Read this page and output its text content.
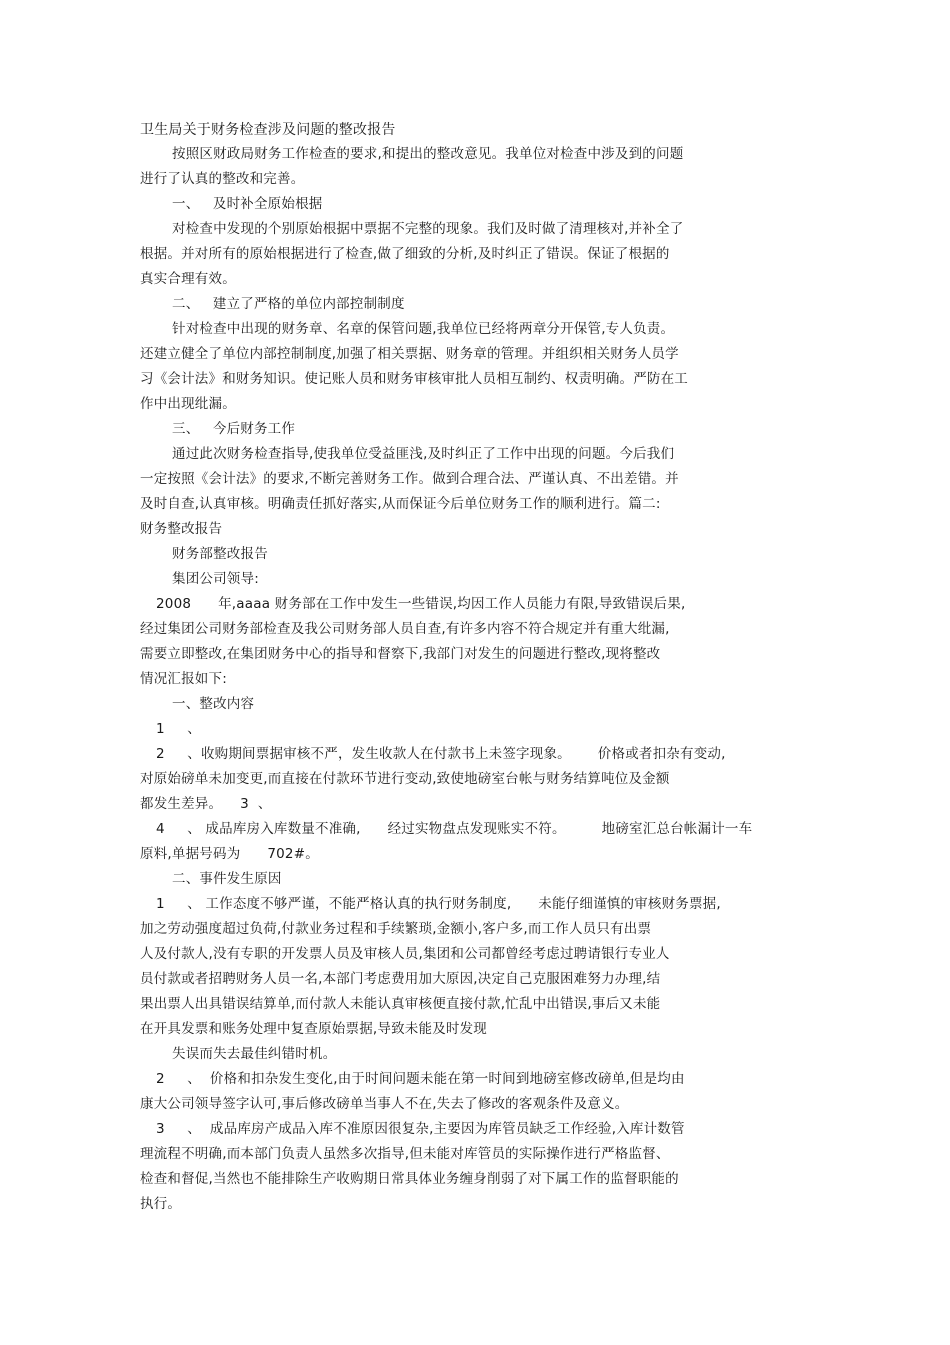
卫生局关于财务检查涉及问题的整改报告
按照区财政局财务工作检查的要求,和提出的整改意见。我单位对检查中涉及到的问题
进行了认真的整改和完善。
一、   及时补全原始根据
对检查中发现的个别原始根据中票据不完整的现象。我们及时做了清理核对,并补全了
根据。并对所有的原始根据进行了检查,做了细致的分析,及时纠正了错误。保证了根据的
真实合理有效。
二、   建立了严格的单位内部控制制度
针对检查中出现的财务章、名章的保管问题,我单位已经将两章分开保管,专人负责。
还建立健全了单位内部控制制度,加强了相关票据、财务章的管理。并组织相关财务人员学
习《会计法》和财务知识。使记账人员和财务审核审批人员相互制约、权责明确。严防在工
作中出现纰漏。
三、   今后财务工作
通过此次财务检查指导,使我单位受益匪浅,及时纠正了工作中出现的问题。今后我们
一定按照《会计法》的要求,不断完善财务工作。做到合理合法、严谨认真、不出差错。并
及时自查,认真审核。明确责任抓好落实,从而保证今后单位财务工作的顺利进行。篇二:
财务整改报告
财务部整改报告
集团公司领导:
2008      年,aaaa 财务部在工作中发生一些错误,均因工作人员能力有限,导致错误后果,
经过集团公司财务部检查及我公司财务部人员自查,有许多内容不符合规定并有重大纰漏,
需要立即整改,在集团财务中心的指导和督察下,我部门对发生的问题进行整改,现将整改
情况汇报如下:
一、整改内容
1     、
2     、收购期间票据审核不严，发生收款人在付款书上未签字现象。      价格或者扣杂有变动,
对原始磅单未加变更,而直接在付款环节进行变动,致使地磅室台帐与财务结算吨位及金额
都发生差异。    3  、
4     、 成品库房入库数量不准确,      经过实物盘点发现账实不符。        地磅室汇总台帐漏计一车
原料,单据号码为      702#。
二、事件发生原因
1     、 工作态度不够严谨，不能严格认真的执行财务制度,      未能仔细谨慎的审核财务票据,
加之劳动强度超过负荷,付款业务过程和手续繁琐,金额小,客户多,而工作人员只有出票
人及付款人,没有专职的开发票人员及审核人员,集团和公司都曾经考虑过聘请银行专业人
员付款或者招聘财务人员一名,本部门考虑费用加大原因,决定自己克服困难努力办理,结
果出票人出具错误结算单,而付款人未能认真审核便直接付款,忙乱中出错误,事后又未能
在开具发票和账务处理中复查原始票据,导致未能及时发现
失误而失去最佳纠错时机。
2     、  价格和扣杂发生变化,由于时间问题未能在第一时间到地磅室修改磅单,但是均由
康大公司领导签字认可,事后修改磅单当事人不在,失去了修改的客观条件及意义。
3     、  成品库房产成品入库不准原因很复杂,主要因为库管员缺乏工作经验,入库计数管
理流程不明确,而本部门负责人虽然多次指导,但未能对库管员的实际操作进行严格监督、
检查和督促,当然也不能排除生产收购期日常具体业务缠身削弱了对下属工作的监督职能的
执行。
